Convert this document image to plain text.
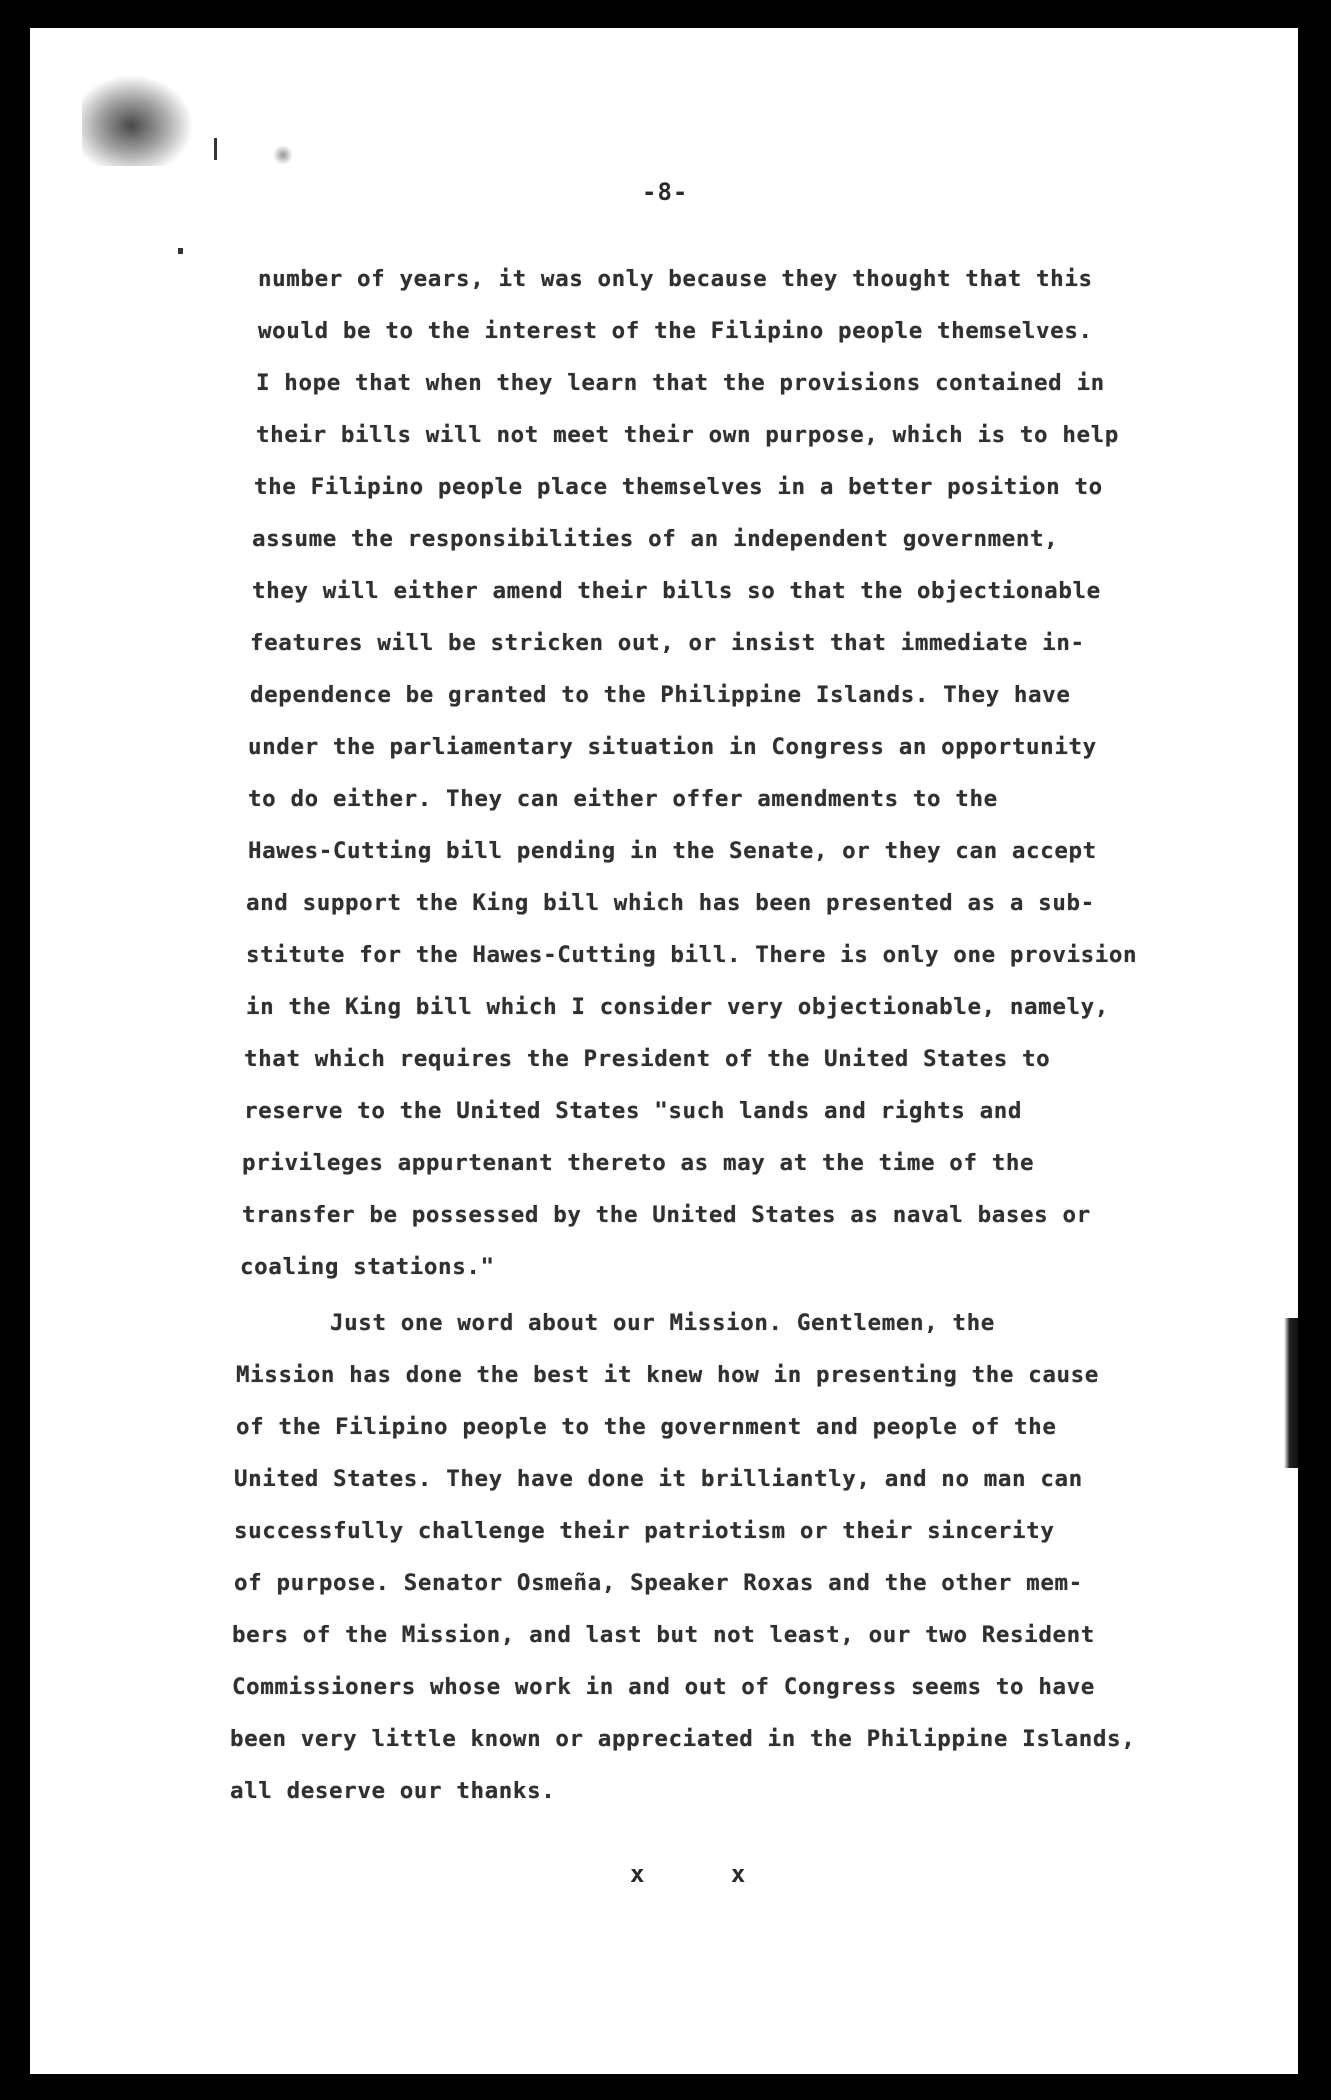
-8-
number of years, it was only because they thought that this
would be to the interest of the Filipino people themselves.
I hope that when they learn that the provisions contained in
their bills will not meet their own purpose, which is to help
the Filipino people place themselves in a better position to
assume the responsibilities of an independent government,
they will either amend their bills so that the objectionable
features will be stricken out, or insist that immediate in-
dependence be granted to the Philippine Islands. They have
under the parliamentary situation in Congress an opportunity
to do either. They can either offer amendments to the
Hawes-Cutting bill pending in the Senate, or they can accept
and support the King bill which has been presented as a sub-
stitute for the Hawes-Cutting bill. There is only one provision
in the King bill which I consider very objectionable, namely,
that which requires the President of the United States to
reserve to the United States "such lands and rights and
privileges appurtenant thereto as may at the time of the
transfer be possessed by the United States as naval bases or
coaling stations."
Just one word about our Mission. Gentlemen, the
Mission has done the best it knew how in presenting the cause
of the Filipino people to the government and people of the
United States. They have done it brilliantly, and no man can
successfully challenge their patriotism or their sincerity
of purpose. Senator Osmeña, Speaker Roxas and the other mem-
bers of the Mission, and last but not least, our two Resident
Commissioners whose work in and out of Congress seems to have
been very little known or appreciated in the Philippine Islands,
all deserve our thanks.
x x
